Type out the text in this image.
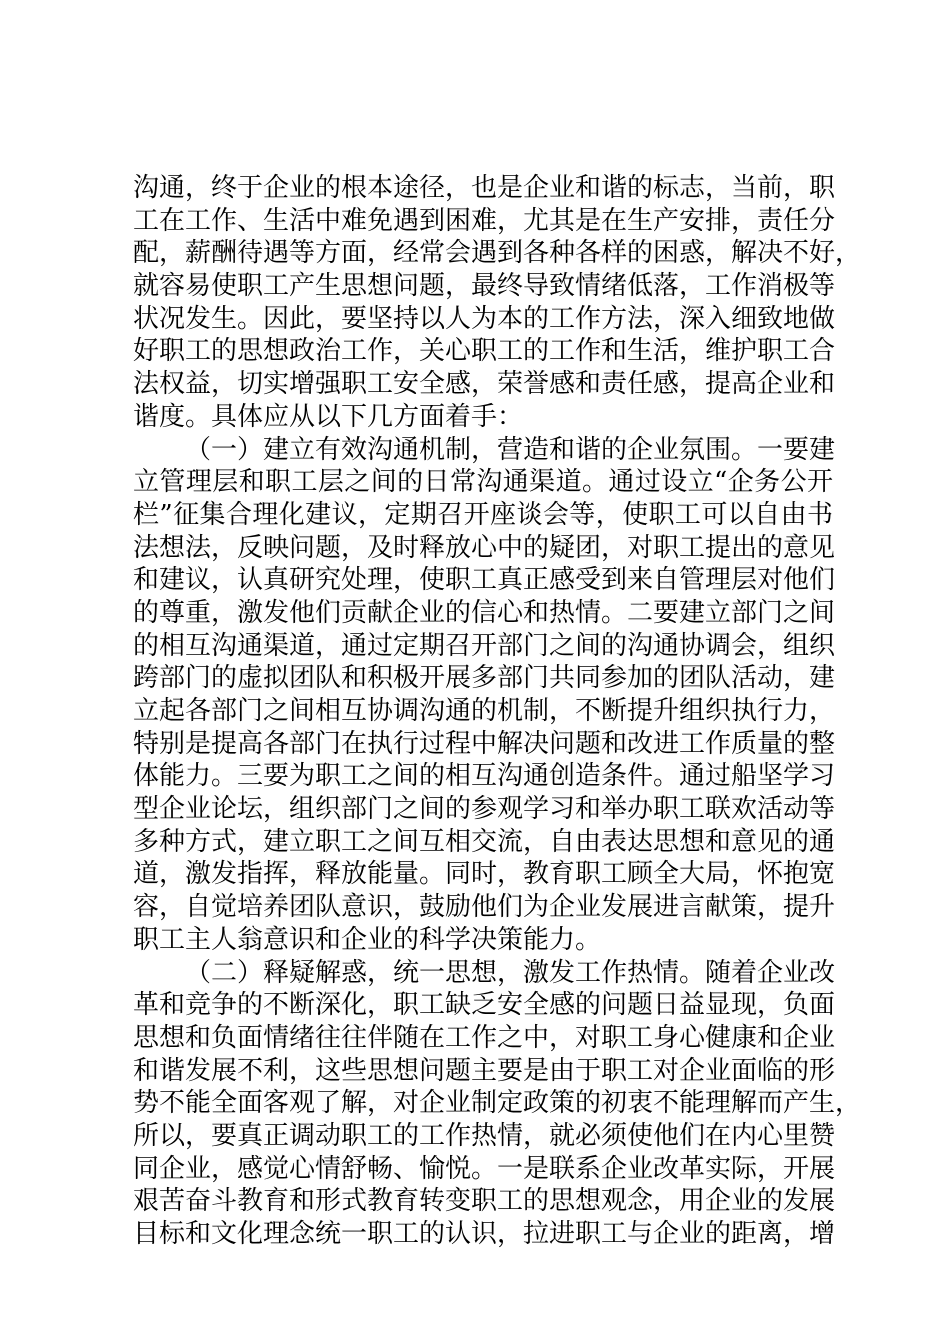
沟通，终于企业的根本途径，也是企业和谐的标志，当前，职
工在工作、生活中难免遇到困难，尤其是在生产安排，责任分
配，薪酬待遇等方面，经常会遇到各种各样的困惑，解决不好，
就容易使职工产生思想问题，最终导致情绪低落，工作消极等
状况发生。因此，要坚持以人为本的工作方法，深入细致地做
好职工的思想政治工作，关心职工的工作和生活，维护职工合
法权益，切实增强职工安全感，荣誉感和责任感，提高企业和
谐度。具体应从以下几方面着手：
（一）建立有效沟通机制，营造和谐的企业氛围。一要建
立管理层和职工层之间的日常沟通渠道。通过设立“企务公开
栏”征集合理化建议，定期召开座谈会等，使职工可以自由书
法想法，反映问题，及时释放心中的疑团，对职工提出的意见
和建议，认真研究处理，使职工真正感受到来自管理层对他们
的尊重，激发他们贡献企业的信心和热情。二要建立部门之间
的相互沟通渠道，通过定期召开部门之间的沟通协调会，组织
跨部门的虚拟团队和积极开展多部门共同参加的团队活动，建
立起各部门之间相互协调沟通的机制，不断提升组织执行力，
特别是提高各部门在执行过程中解决问题和改进工作质量的整
体能力。三要为职工之间的相互沟通创造条件。通过船坚学习
型企业论坛，组织部门之间的参观学习和举办职工联欢活动等
多种方式，建立职工之间互相交流，自由表达思想和意见的通
道，激发指挥，释放能量。同时，教育职工顾全大局，怀抱宽
容，自觉培养团队意识，鼓励他们为企业发展进言献策，提升
职工主人翁意识和企业的科学决策能力。
（二）释疑解惑，统一思想，激发工作热情。随着企业改
革和竞争的不断深化，职工缺乏安全感的问题日益显现，负面
思想和负面情绪往往伴随在工作之中，对职工身心健康和企业
和谐发展不利，这些思想问题主要是由于职工对企业面临的形
势不能全面客观了解，对企业制定政策的初衷不能理解而产生，
所以，要真正调动职工的工作热情，就必须使他们在内心里赞
同企业，感觉心情舒畅、愉悦。一是联系企业改革实际，开展
艰苦奋斗教育和形式教育转变职工的思想观念，用企业的发展
目标和文化理念统一职工的认识，拉进职工与企业的距离，增
